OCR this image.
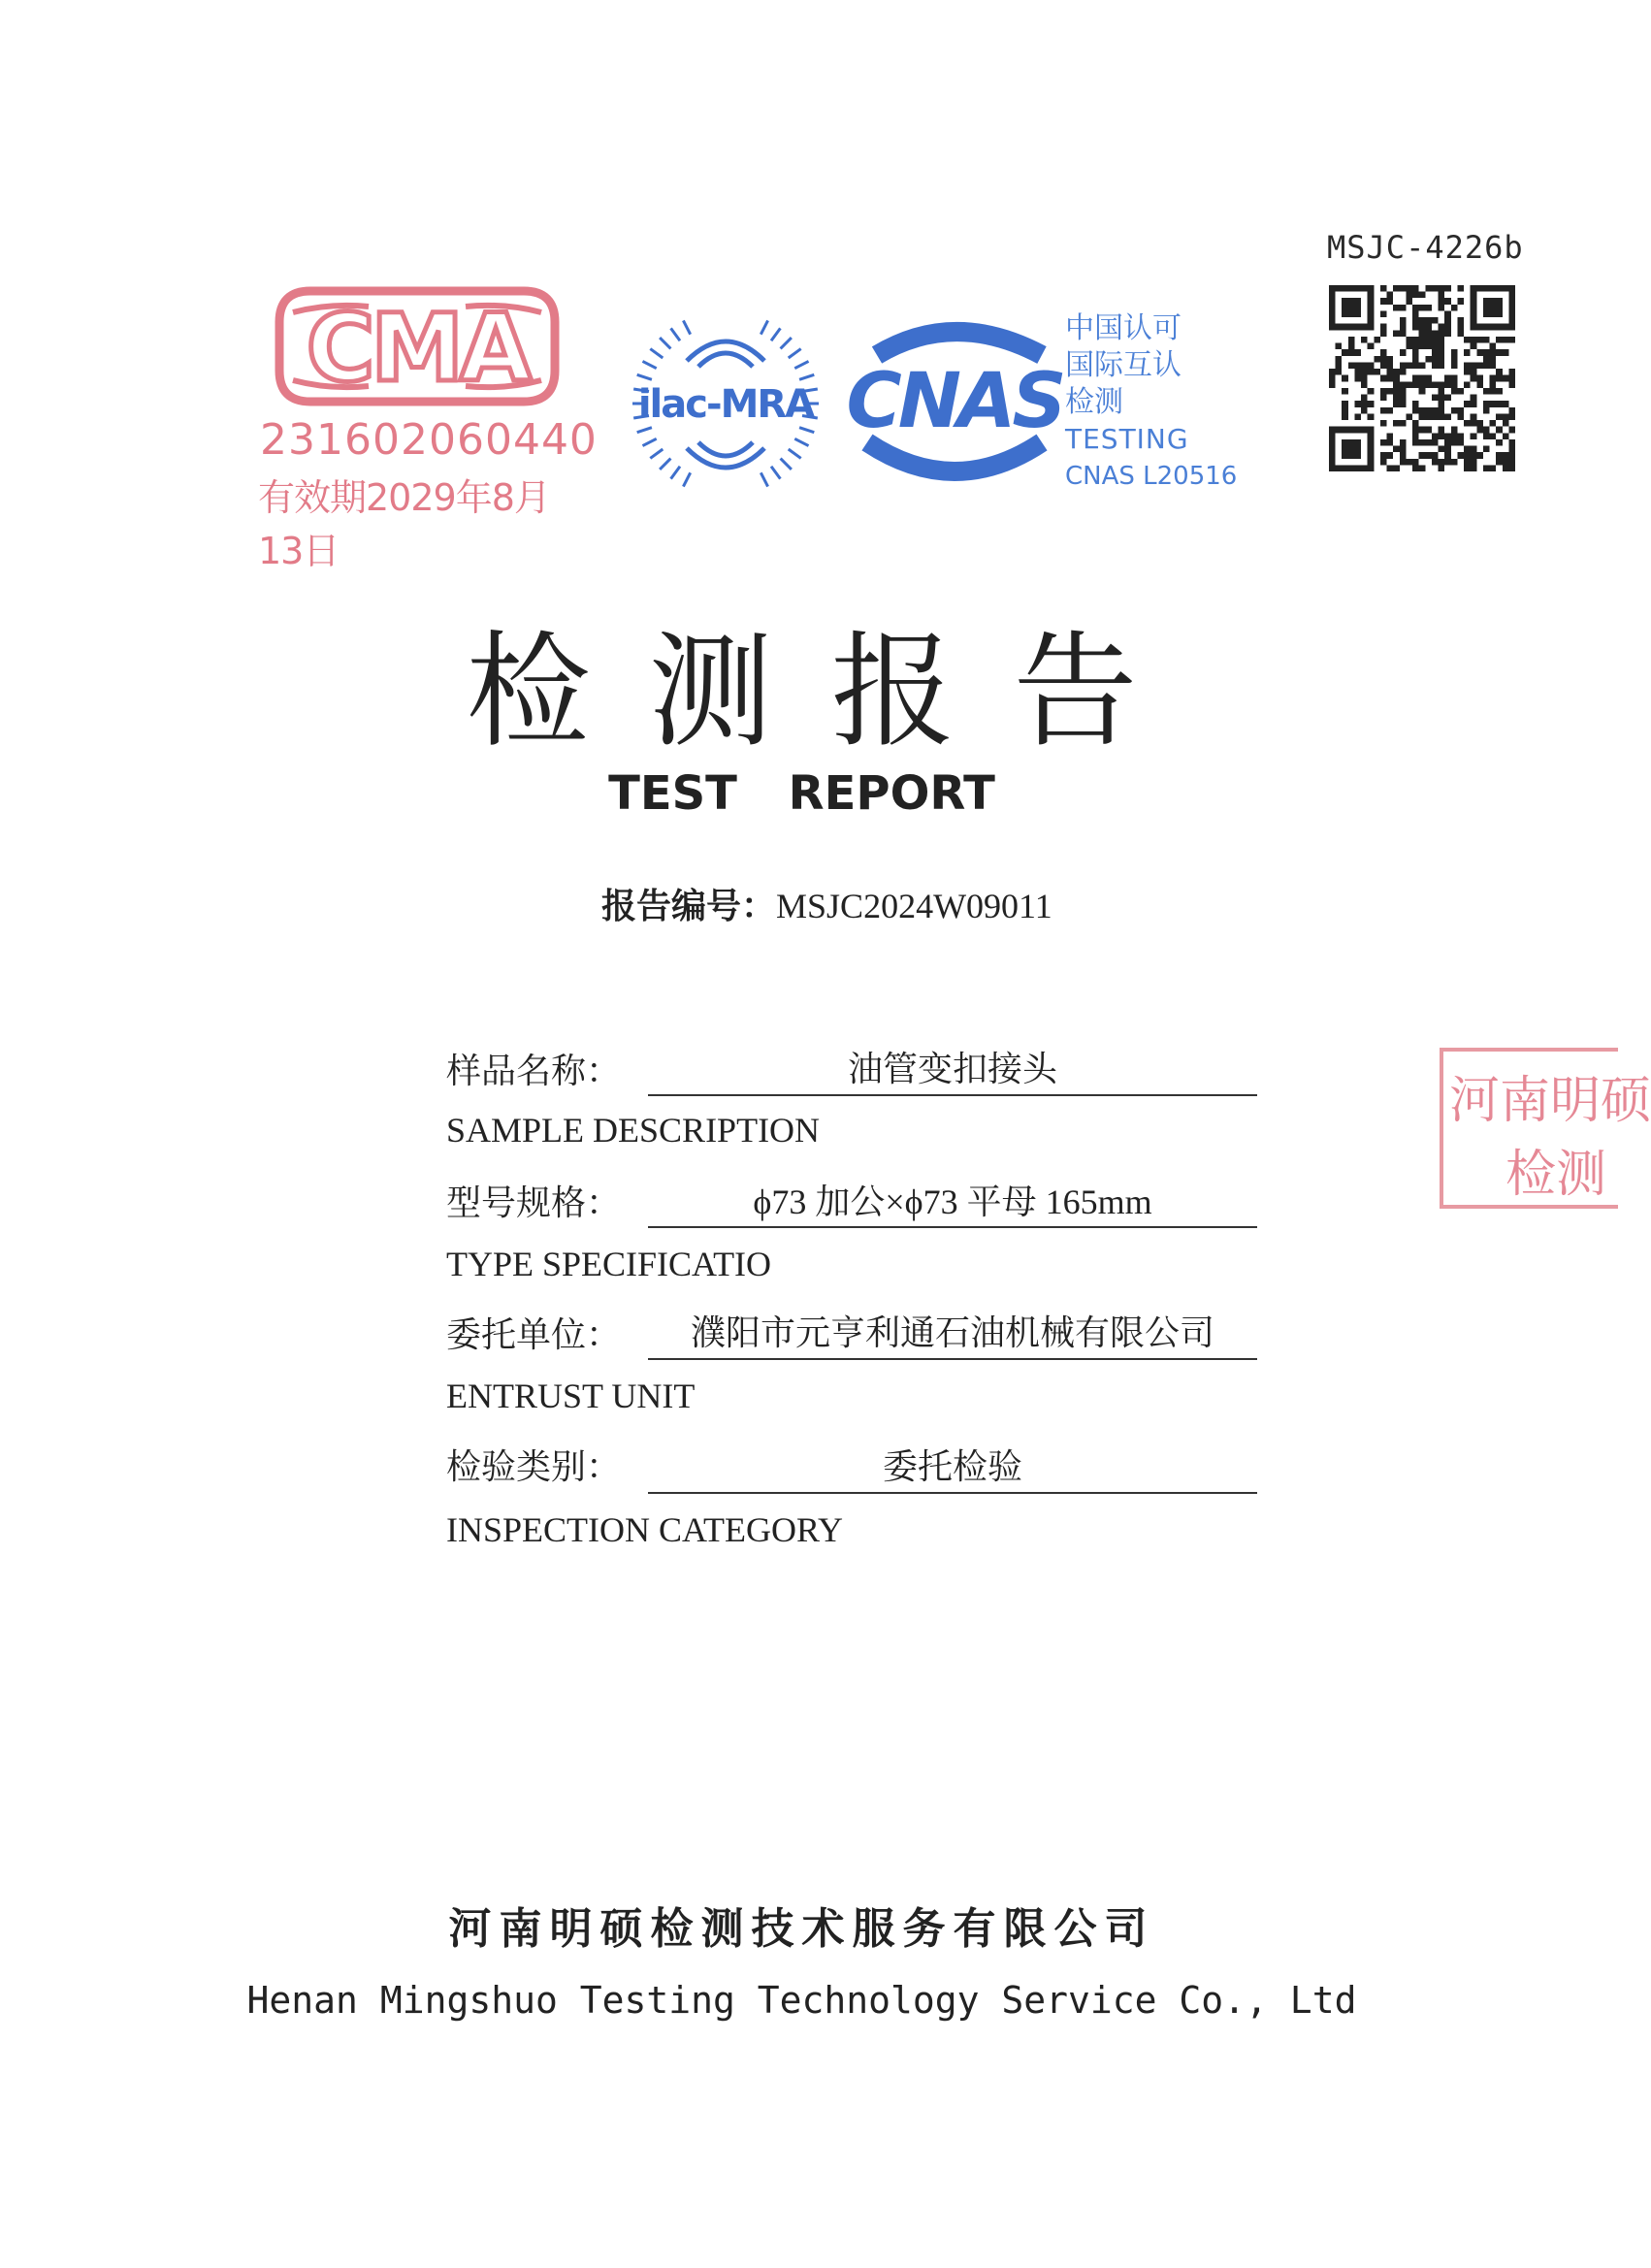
MSJC-4226b
CMA
231602060440
有效期2029年8月13日
ilac-MRA CNAS
中国认可
国际互认
检测
TESTING
CNAS L20516
检测报告
TEST REPORT
报告编号：MSJC2024W09011
样品名称：	油管变扣接头
SAMPLE DESCRIPTION
型号规格：	ϕ73 加公×ϕ73 平母 165mm
TYPE SPECIFICATIO
委托单位：	濮阳市元亨利通石油机械有限公司
ENTRUST UNIT
检验类别：	委托检验
INSPECTION CATEGORY
河南明硕
检测
河南明硕检测技术服务有限公司
Henan Mingshuo Testing Technology Service Co., Ltd
